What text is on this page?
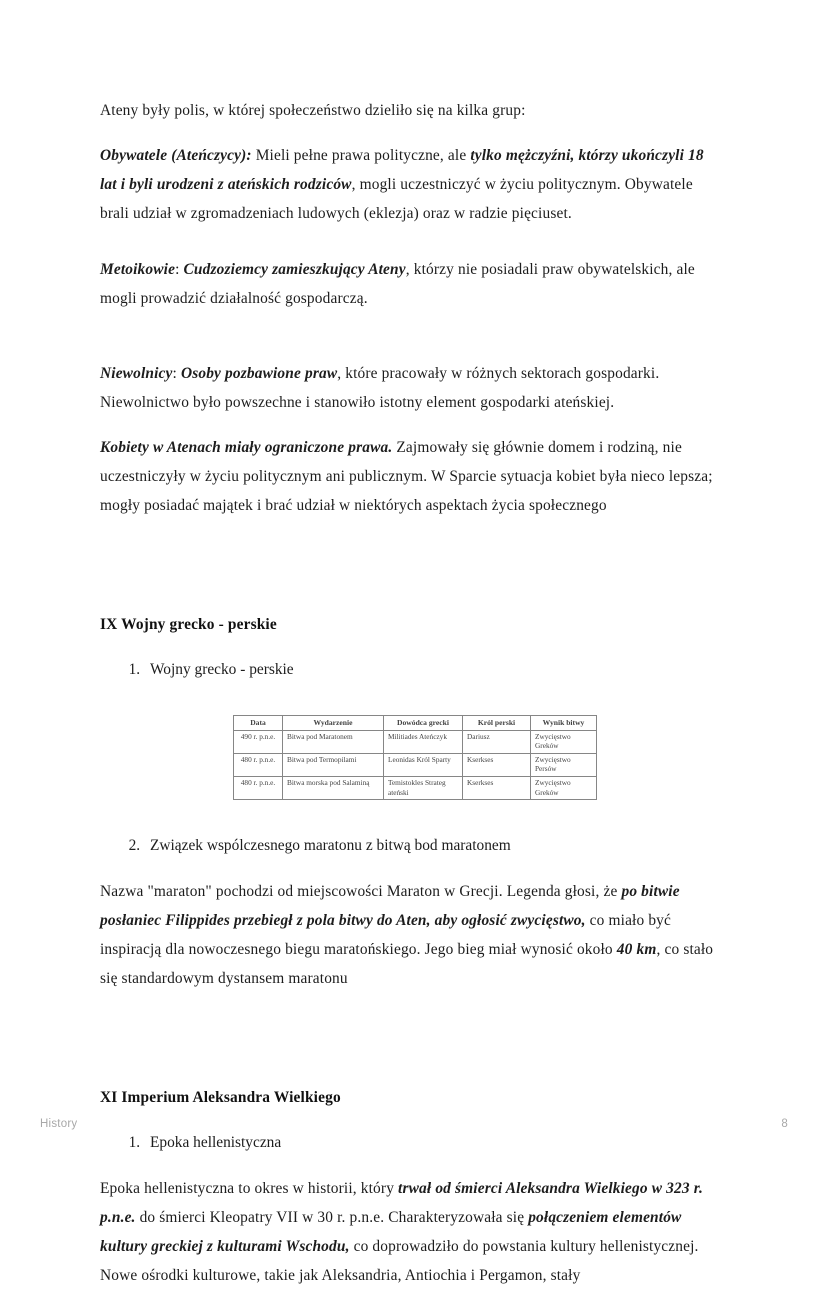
Ateny były polis, w której społeczeństwo dzieliło się na kilka grup:

Obywatele (Ateńczycy): Mieli pełne prawa polityczne, ale tylko mężczyźni, którzy ukończyli 18 lat i byli urodzeni z ateńskich rodziców, mogli uczestniczyć w życiu politycznym. Obywatele brali udział w zgromadzeniach ludowych (eklezja) oraz w radzie pięciuset.

Metoikowie: Cudzoziemcy zamieszkujący Ateny, którzy nie posiadali praw obywatelskich, ale mogli prowadzić działalność gospodarczą.

Niewolnicy: Osoby pozbawione praw, które pracowały w różnych sektorach gospodarki. Niewolnictwo było powszechne i stanowiło istotny element gospodarki ateńskiej.

Kobiety w Atenach miały ograniczone prawa. Zajmowały się głównie domem i rodziną, nie uczestniczyły w życiu politycznym ani publicznym. W Sparcie sytuacja kobiet była nieco lepsza; mogły posiadać majątek i brać udział w niektórych aspektach życia społecznego

IX Wojny grecko - perskie
1. Wojny grecko - perskie
Data	Wydarzenie	Dowódca grecki	Król perski	Wynik bitwy
490 r. p.n.e.	Bitwa pod Maratonem	Militiades Ateńczyk	Dariusz	Zwycięstwo Greków
480 r. p.n.e.	Bitwa pod Termopilami	Leonidas Król Sparty	Kserkses	Zwycięstwo Persów
480 r. p.n.e.	Bitwa morska pod Salaminą	Temistokles Strateg ateński	Kserkses	Zwycięstwo Greków
2. Związek wspólczesnego maratonu z bitwą bod maratonem

Nazwa "maraton" pochodzi od miejscowości Maraton w Grecji. Legenda głosi, że po bitwie posłaniec Filippides przebiegł z pola bitwy do Aten, aby ogłosić zwycięstwo, co miało być inspiracją dla nowoczesnego biegu maratońskiego. Jego bieg miał wynosić około 40 km, co stało się standardowym dystansem maratonu

XI Imperium Aleksandra Wielkiego
1. Epoka hellenistyczna

Epoka hellenistyczna to okres w historii, który trwał od śmierci Aleksandra Wielkiego w 323 r. p.n.e. do śmierci Kleopatry VII w 30 r. p.n.e. Charakteryzowała się połączeniem elementów kultury greckiej z kulturami Wschodu, co doprowadziło do powstania kultury hellenistycznej. Nowe ośrodki kulturowe, takie jak Aleksandria, Antiochia i Pergamon, stały

History	8
